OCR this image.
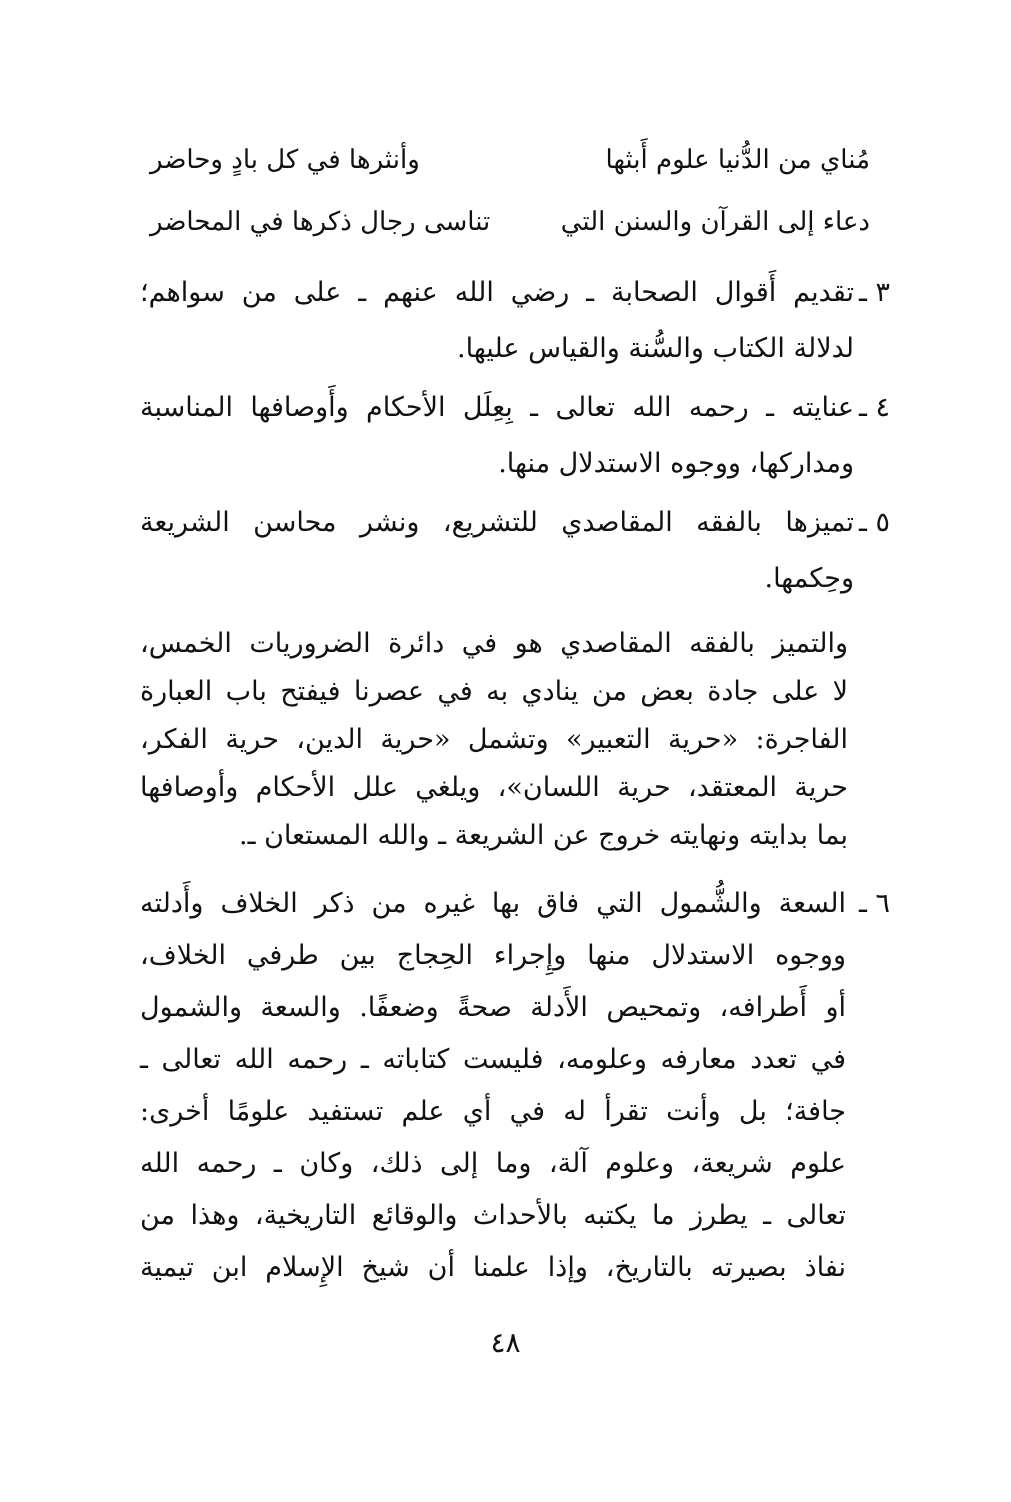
مُناي من الدُّنيا علوم أَبثها
وأنثرها في كل بادٍ وحاضر
دعاء إلى القرآن والسنن التي
تناسى رجال ذكرها في المحاضر
٣ ـ
تقديم أَقوال الصحابة ـ رضي الله عنهم ـ على من سواهم؛
لدلالة الكتاب والسُّنة والقياس عليها.
٤ ـ
عنايته ـ رحمه الله تعالى ـ بِعِلَل الأحكام وأَوصافها المناسبة
ومداركها، ووجوه الاستدلال منها.
٥ ـ
تميزها بالفقه المقاصدي للتشريع، ونشر محاسن الشريعة
وحِكمها.
والتميز بالفقه المقاصدي هو في دائرة الضروريات الخمس،
لا على جادة بعض من ينادي به في عصرنا فيفتح باب العبارة
الفاجرة: «حرية التعبير» وتشمل «حرية الدين، حرية الفكر،
حرية المعتقد، حرية اللسان»، ويلغي علل الأحكام وأوصافها
بما بدايته ونهايته خروج عن الشريعة ـ والله المستعان ـ.
٦ ـ
السعة والشُّمول التي فاق بها غيره من ذكر الخلاف وأَدلته
ووجوه الاستدلال منها وإِجراء الحِجاج بين طرفي الخلاف،
أو أَطرافه، وتمحيص الأَدلة صحةً وضعفًا. والسعة والشمول
في تعدد معارفه وعلومه، فليست كتاباته ـ رحمه الله تعالى ـ
جافة؛ بل وأنت تقرأ له في أي علم تستفيد علومًا أخرى:
علوم شريعة، وعلوم آلة، وما إلى ذلك، وكان ـ رحمه الله
تعالى ـ يطرز ما يكتبه بالأحداث والوقائع التاريخية، وهذا من
نفاذ بصيرته بالتاريخ، وإذا علمنا أن شيخ الإِسلام ابن تيمية
٤٨
